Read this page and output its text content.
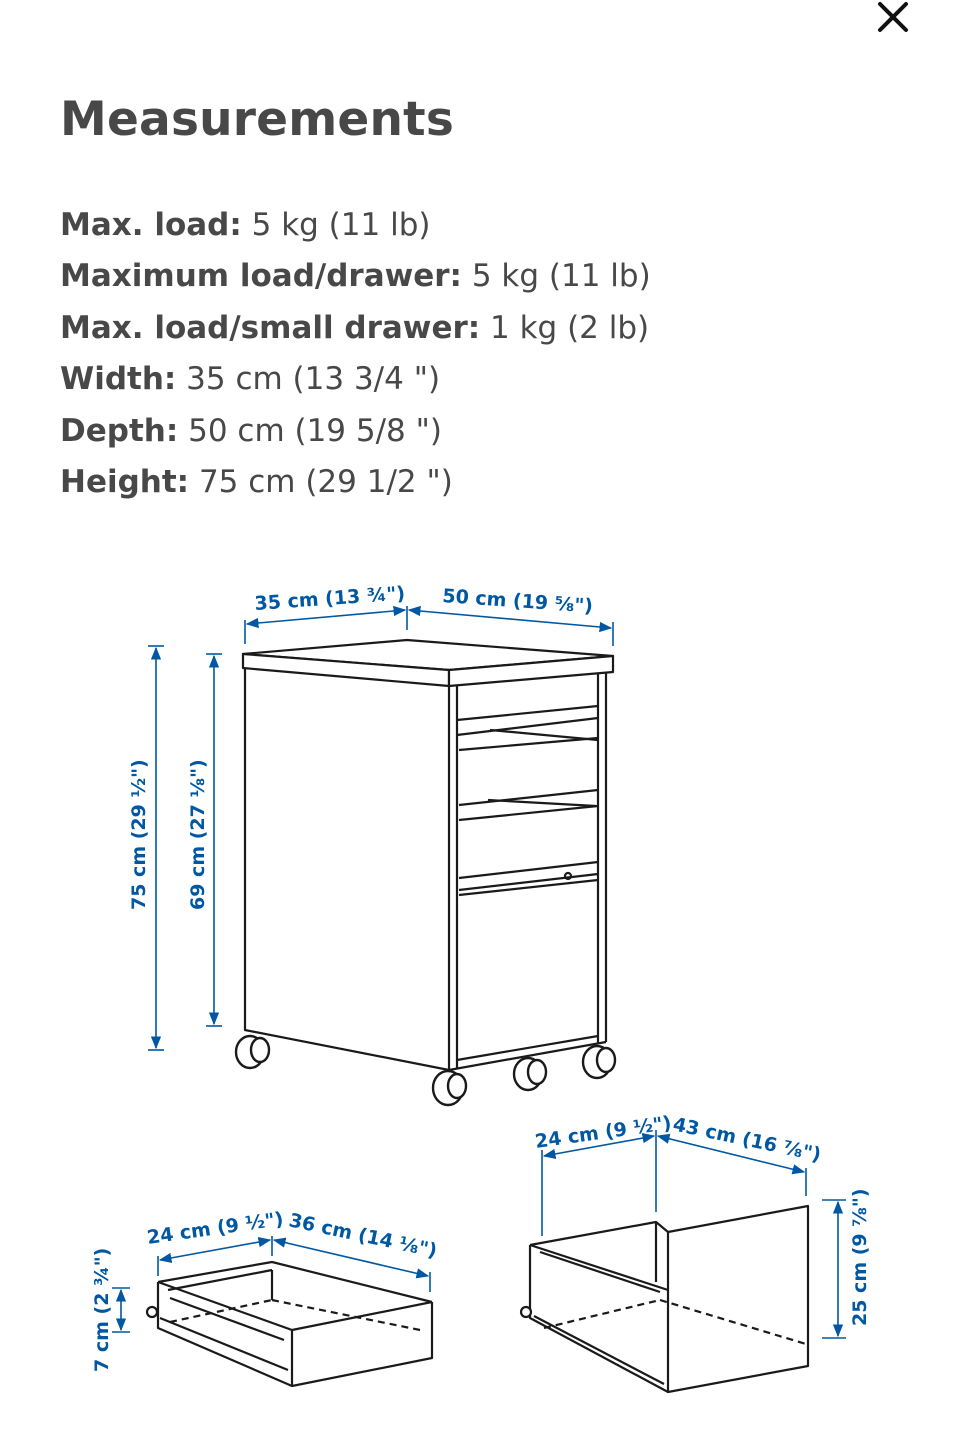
Measurements
Max. load: 5 kg (11 lb)
Maximum load/drawer: 5 kg (11 lb)
Max. load/small drawer: 1 kg (2 lb)
Width: 35 cm (13 3/4 ")
Depth: 50 cm (19 5/8 ")
Height: 75 cm (29 1/2 ")
35 cm (13 ¾") 50 cm (19 ⅝")
75 cm (29 ½") 69 cm (27 ⅛")
24 cm (9 ½") 36 cm (14 ⅛")
7 cm (2 ¾")
24 cm (9 ½")
43 cm (16 ⅞")
25 cm (9 ⅞")
